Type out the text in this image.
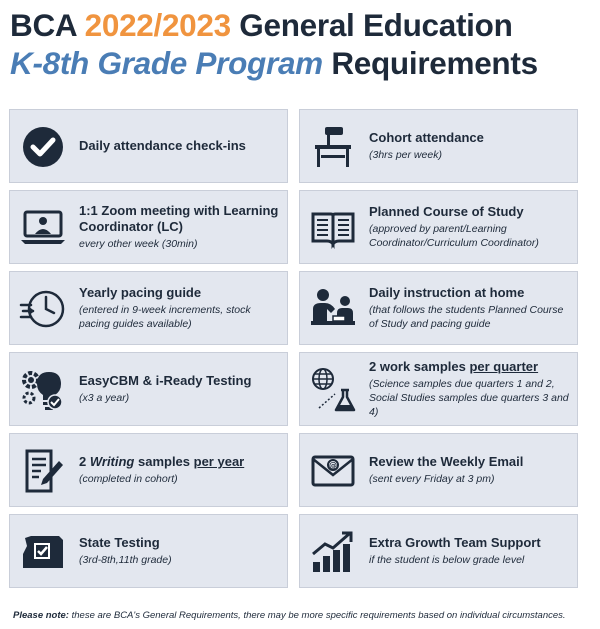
BCA 2022/2023 General Education
K-8th Grade Program Requirements
Daily attendance check-ins
Cohort attendance
(3hrs per week)
1:1 Zoom meeting with Learning Coordinator (LC)
every other week (30min)
Planned Course of Study
(approved by parent/Learning Coordinator/Curriculum Coordinator)
Yearly pacing guide
(entered in 9-week increments, stock pacing guides available)
Daily instruction at home
(that follows the students Planned Course of Study and pacing guide
EasyCBM & i-Ready Testing
(x3 a year)
2 work samples per quarter
(Science samples due quarters 1 and 2, Social Studies samples due quarters 3 and 4)
2 Writing samples per year
(completed in cohort)
@ Review the Weekly Email
(sent every Friday at 3 pm)
State Testing
(3rd-8th,11th grade)
Extra Growth Team Support
if the student is below grade level
Please note: these are BCA's General Requirements, there may be more specific requirements based on individual circumstances.
